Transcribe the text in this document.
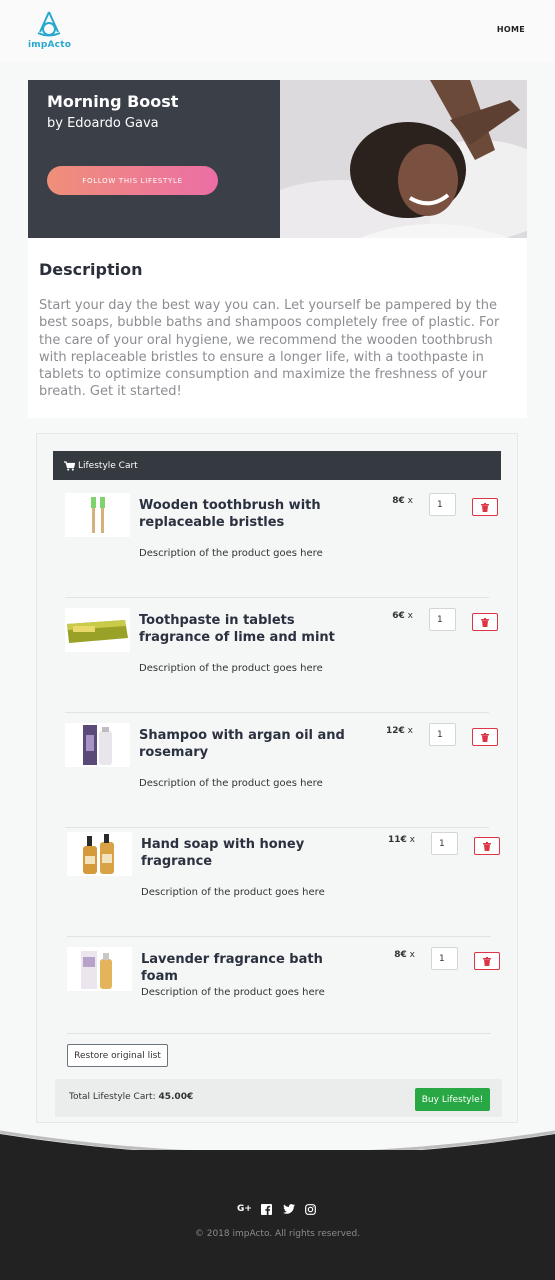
impActo
HOME
Morning Boost
by Edoardo Gava
FOLLOW THIS LIFESTYLE
Description
Start your day the best way you can. Let yourself be pampered by the best soaps, bubble baths and shampoos completely free of plastic. For the care of your oral hygiene, we recommend the wooden toothbrush with replaceable bristles to ensure a longer life, with a toothpaste in tablets to optimize consumption and maximize the freshness of your breath. Get it started!
Lifestyle Cart
Wooden toothbrush with replaceable bristles
Description of the product goes here
8€ x
1
Toothpaste in tablets fragrance of lime and mint
Description of the product goes here
6€ x
1
Shampoo with argan oil and rosemary
Description of the product goes here
12€ x
1
Hand soap with honey fragrance
Description of the product goes here
11€ x
1
Lavender fragrance bath foam
Description of the product goes here
8€ x
1
Restore original list
Total Lifestyle Cart: 45.00€	Buy Lifestyle!
G+
© 2018 impActo. All rights reserved.
